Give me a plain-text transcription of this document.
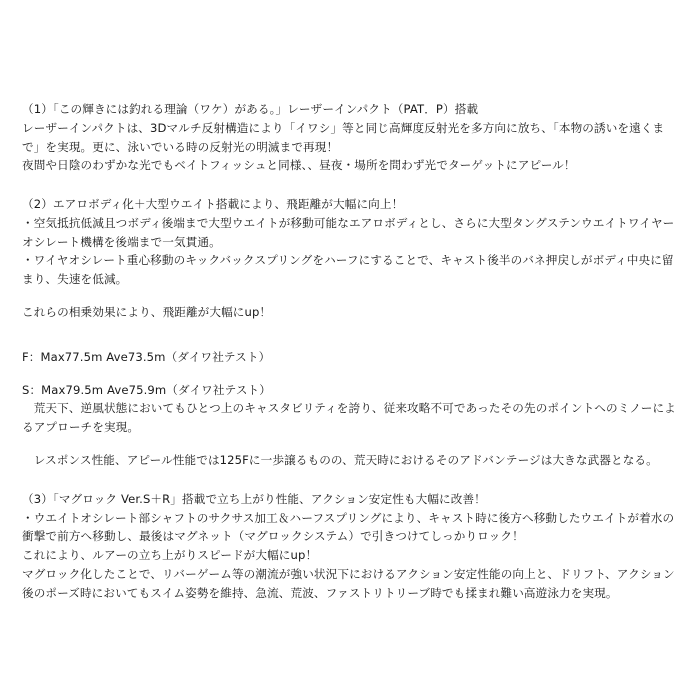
（1）「この輝きには釣れる理論（ワケ）がある。」レーザーインパクト（PAT．P）搭載

レーザーインパクトは、3Dマルチ反射構造により「イワシ」等と同じ高輝度反射光を多方向に放ち、「本物の誘いを遠くまで」を実現。更に、泳いでいる時の反射光の明滅まで再現！

夜間や日陰のわずかな光でもベイトフィッシュと同様、、昼夜・場所を問わず光でターゲットにアピール！

（2）エアロボディ化＋大型ウエイト搭載により、飛距離が大幅に向上！

・空気抵抗低減且つボディ後端まで大型ウエイトが移動可能なエアロボディとし、さらに大型タングステンウエイトワイヤーオシレート機構を後端まで一気貫通。

・ワイヤオシレート重心移動のキックバックスプリングをハーフにすることで、キャスト後半のバネ押戻しがボディ中央に留まり、失速を低減。

これらの相乗効果により、飛距離が大幅にup！

F：Max77.5m Ave73.5m（ダイワ社テスト）

S：Max79.5m Ave75.9m（ダイワ社テスト）

　荒天下、逆風状態においてもひとつ上のキャスタビリティを誇り、従来攻略不可であったその先のポイントへのミノーによるアプローチを実現。

　レスポンス性能、アピール性能では125Fに一歩譲るものの、荒天時におけるそのアドバンテージは大きな武器となる。

（3）「マグロック Ver.S＋R」搭載で立ち上がり性能、アクション安定性も大幅に改善！

・ウエイトオシレート部シャフトのサクサス加工＆ハーフスプリングにより、キャスト時に後方へ移動したウエイトが着水の衝撃で前方へ移動し、最後はマグネット（マグロックシステム）で引きつけてしっかりロック！

これにより、ルアーの立ち上がりスピードが大幅にup！

マグロック化したことで、リバーゲーム等の潮流が強い状況下におけるアクション安定性能の向上と、ドリフト、アクション後のポーズ時においてもスイム姿勢を維持、急流、荒波、ファストリトリーブ時でも揉まれ難い高遊泳力を実現。
